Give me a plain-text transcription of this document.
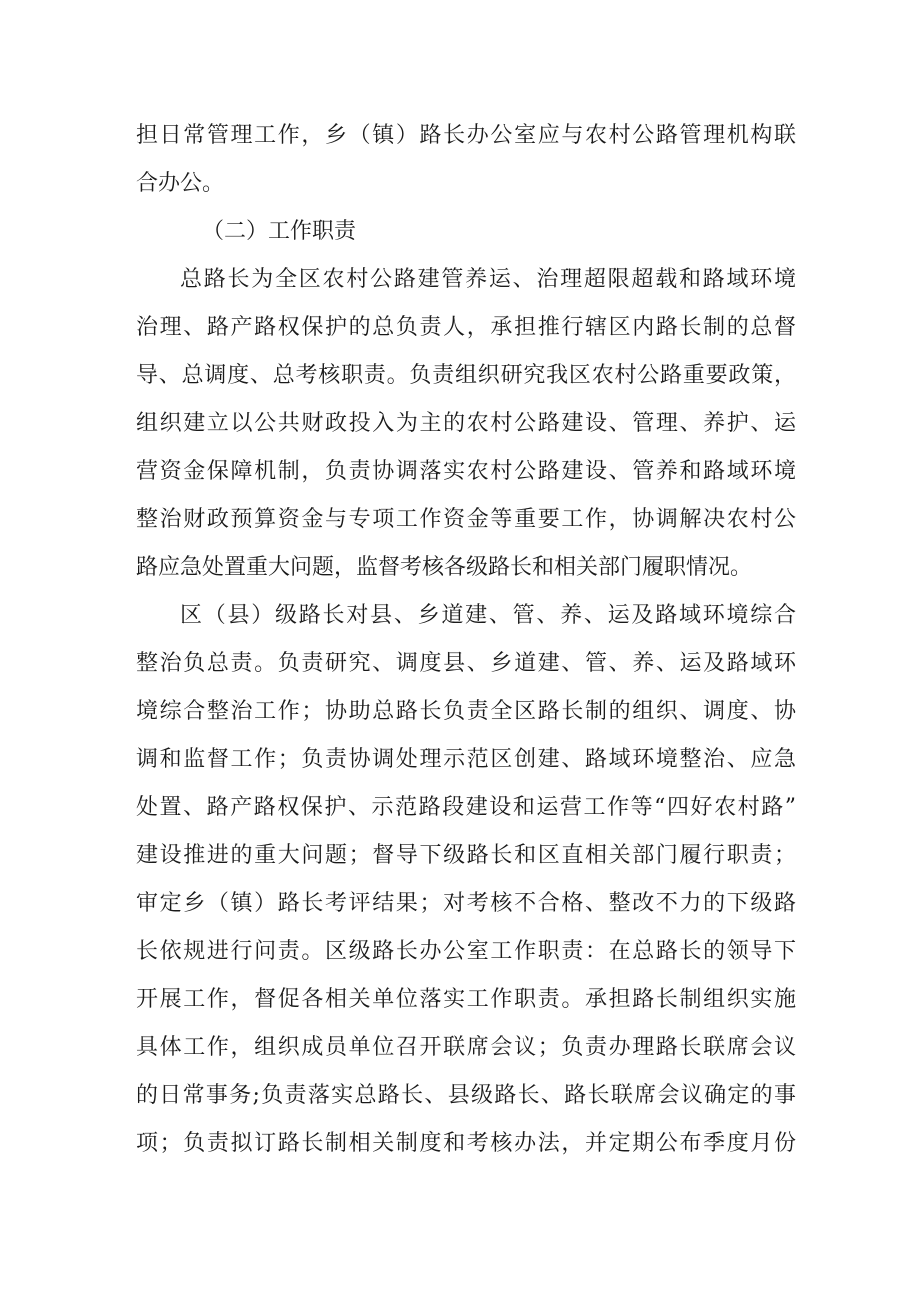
担日常管理工作，乡（镇）路长办公室应与农村公路管理机构联
合办公。
（二）工作职责
总路长为全区农村公路建管养运、治理超限超载和路域环境
治理、路产路权保护的总负责人，承担推行辖区内路长制的总督
导、总调度、总考核职责。负责组织研究我区农村公路重要政策，
组织建立以公共财政投入为主的农村公路建设、管理、养护、运
营资金保障机制，负责协调落实农村公路建设、管养和路域环境
整治财政预算资金与专项工作资金等重要工作，协调解决农村公
路应急处置重大问题，监督考核各级路长和相关部门履职情况。
区（县）级路长对县、乡道建、管、养、运及路域环境综合
整治负总责。负责研究、调度县、乡道建、管、养、运及路域环
境综合整治工作；协助总路长负责全区路长制的组织、调度、协
调和监督工作；负责协调处理示范区创建、路域环境整治、应急
处置、路产路权保护、示范路段建设和运营工作等“四好农村路”
建设推进的重大问题；督导下级路长和区直相关部门履行职责；
审定乡（镇）路长考评结果；对考核不合格、整改不力的下级路
长依规进行问责。区级路长办公室工作职责：在总路长的领导下
开展工作，督促各相关单位落实工作职责。承担路长制组织实施
具体工作，组织成员单位召开联席会议；负责办理路长联席会议
的日常事务;负责落实总路长、县级路长、路长联席会议确定的事
项；负责拟订路长制相关制度和考核办法，并定期公布季度月份
